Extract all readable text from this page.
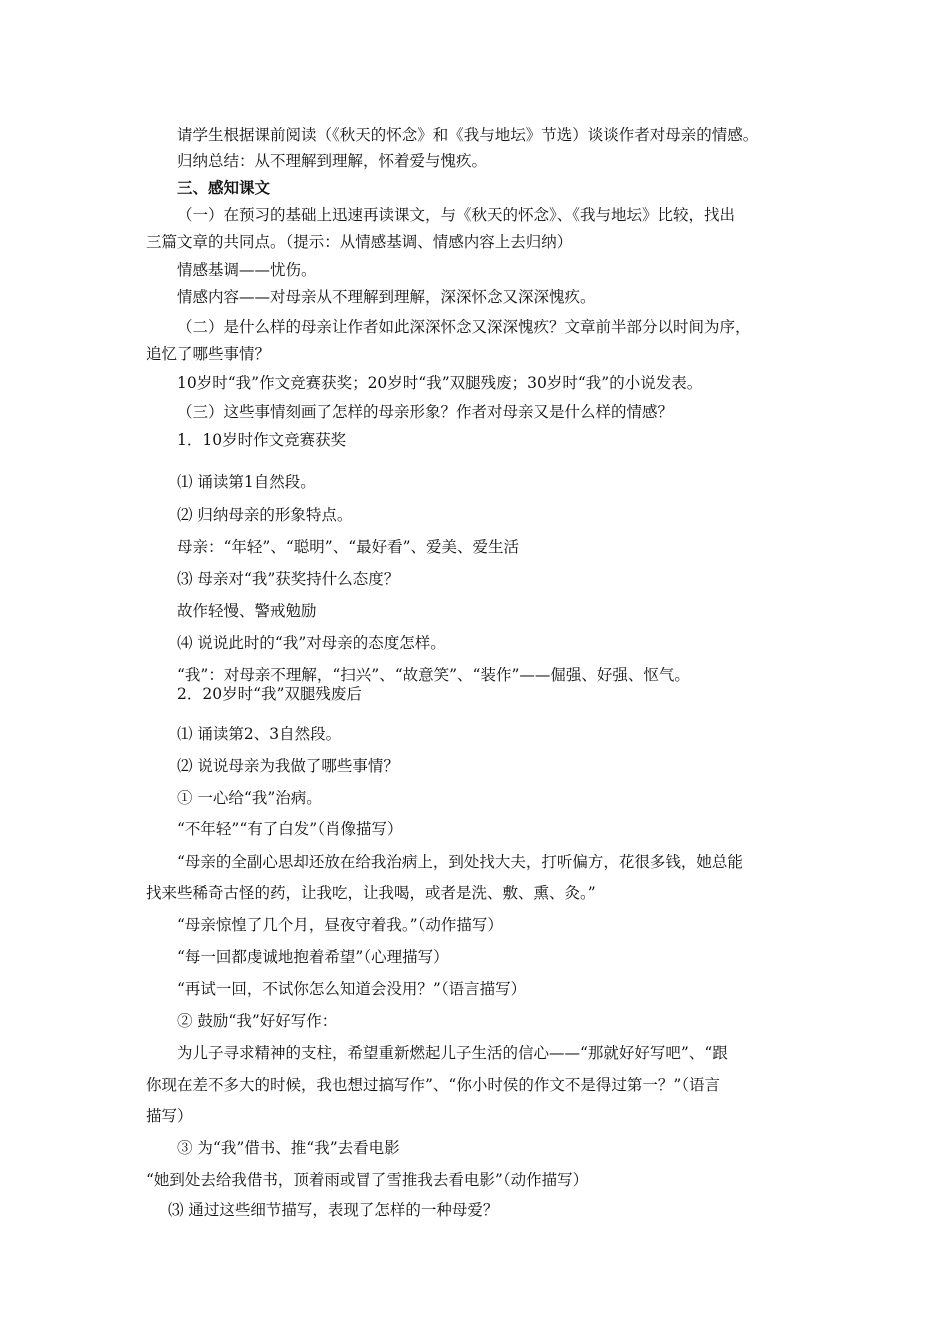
请学生根据课前阅读（《秋天的怀念》和《我与地坛》节选）谈谈作者对母亲的情感。
归纳总结：从不理解到理解，怀着爱与愧疚。
三、感知课文
（一）在预习的基础上迅速再读课文，与《秋天的怀念》、《我与地坛》比较，找出
三篇文章的共同点。（提示：从情感基调、情感内容上去归纳）
情感基调——忧伤。
情感内容——对母亲从不理解到理解，深深怀念又深深愧疚。
（二）是什么样的母亲让作者如此深深怀念又深深愧疚？文章前半部分以时间为序，
追忆了哪些事情？
10岁时“我”作文竞赛获奖；20岁时“我”双腿残废；30岁时“我”的小说发表。
（三）这些事情刻画了怎样的母亲形象？作者对母亲又是什么样的情感？
1．10岁时作文竞赛获奖
⑴ 诵读第1自然段。
⑵ 归纳母亲的形象特点。
母亲：“年轻”、“聪明”、“最好看”、爱美、爱生活
⑶ 母亲对“我”获奖持什么态度？
故作轻慢、警戒勉励
⑷ 说说此时的“我”对母亲的态度怎样。
“我”：对母亲不理解，“扫兴”、“故意笑”、“装作”——倔强、好强、怄气。
2．20岁时“我”双腿残废后
⑴ 诵读第2、3自然段。
⑵ 说说母亲为我做了哪些事情？
① 一心给“我”治病。
“不年轻”“有了白发”（肖像描写）
“母亲的全副心思却还放在给我治病上，到处找大夫，打听偏方，花很多钱，她总能
找来些稀奇古怪的药，让我吃，让我喝，或者是洗、敷、熏、灸。”
“母亲惊惶了几个月，昼夜守着我。”（动作描写）
“每一回都虔诚地抱着希望”（心理描写）
“再试一回，不试你怎么知道会没用？”（语言描写）
② 鼓励“我”好好写作：
为儿子寻求精神的支柱，希望重新燃起儿子生活的信心——“那就好好写吧”、“跟
你现在差不多大的时候，我也想过搞写作”、“你小时侯的作文不是得过第一？”（语言
描写）
③ 为“我”借书、推“我”去看电影
“她到处去给我借书，顶着雨或冒了雪推我去看电影”（动作描写）
⑶ 通过这些细节描写，表现了怎样的一种母爱？
